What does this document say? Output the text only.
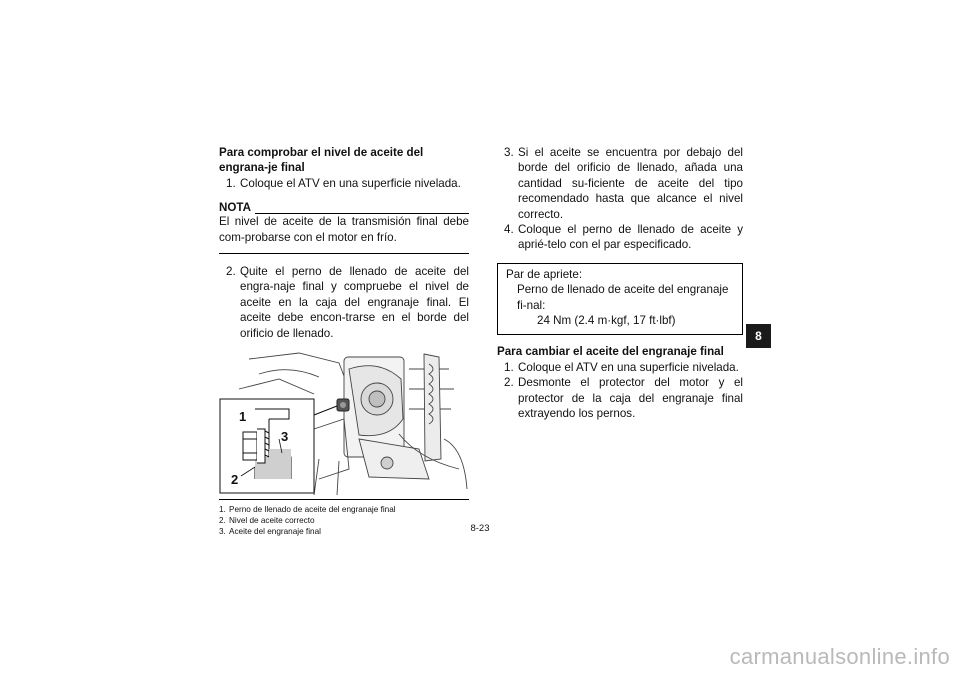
Para comprobar el nivel de aceite del engrana-je final

1. Coloque el ATV en una superficie nivelada.
NOTA

El nivel de aceite de la transmisión final debe com-probarse con el motor en frío.

2. Quite el perno de llenado de aceite del engra-naje final y compruebe el nivel de aceite en la caja del engranaje final. El aceite debe encon-trarse en el borde del orificio de llenado.
1
3
2
1. Perno de llenado de aceite del engranaje final
2. Nivel de aceite correcto
3. Aceite del engranaje final
3. Si el aceite se encuentra por debajo del borde del orificio de llenado, añada una cantidad su-ficiente de aceite del tipo recomendado hasta que alcance el nivel correcto.
4. Coloque el perno de llenado de aceite y aprié-telo con el par especificado.

Par de apriete:

Perno de llenado de aceite del engranaje fi-nal:

24 Nm (2.4 m·kgf, 17 ft·lbf)

Para cambiar el aceite del engranaje final

1. Coloque el ATV en una superficie nivelada.
2. Desmonte el protector del motor y el protector de la caja del engranaje final extrayendo los pernos.
8
8-23
carmanualsonline.info
